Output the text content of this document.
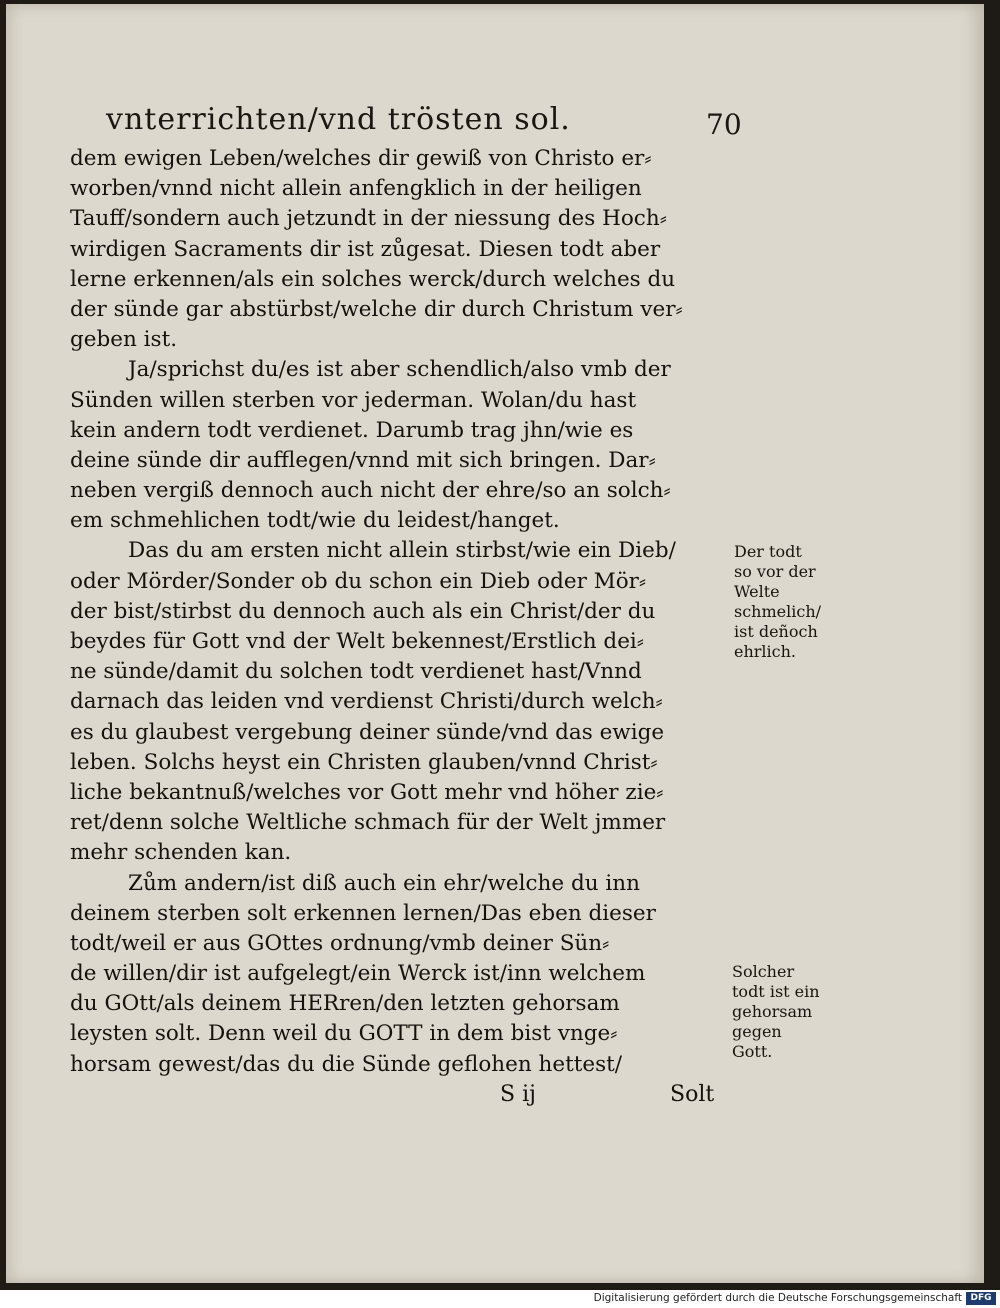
vnterrichten/vnd trösten sol.	70
dem ewigen Leben/welches dir gewiß von Christo er⸗
worben/vnnd nicht allein anfengklich in der heiligen
Tauff/sondern auch jetzundt in der niessung des Hoch⸗
wirdigen Sacraments dir ist zůgesat. Diesen todt aber
lerne erkennen/als ein solches werck/durch welches du
der sünde gar abstürbst/welche dir durch Christum ver⸗
geben ist.
Ja/sprichst du/es ist aber schendlich/also vmb der
Sünden willen sterben vor jederman. Wolan/du hast
kein andern todt verdienet. Darumb trag jhn/wie es
deine sünde dir aufflegen/vnnd mit sich bringen. Dar⸗
neben vergiß dennoch auch nicht der ehre/so an solch⸗
em schmehlichen todt/wie du leidest/hanget.
Das du am ersten nicht allein stirbst/wie ein Dieb/
oder Mörder/Sonder ob du schon ein Dieb oder Mör⸗
der bist/stirbst du dennoch auch als ein Christ/der du
beydes für Gott vnd der Welt bekennest/Erstlich dei⸗
ne sünde/damit du solchen todt verdienet hast/Vnnd
darnach das leiden vnd verdienst Christi/durch welch⸗
es du glaubest vergebung deiner sünde/vnd das ewige
leben. Solchs heyst ein Christen glauben/vnnd Christ⸗
liche bekantnuß/welches vor Gott mehr vnd höher zie⸗
ret/denn solche Weltliche schmach für der Welt jmmer
mehr schenden kan.
Zům andern/ist diß auch ein ehr/welche du inn
deinem sterben solt erkennen lernen/Das eben dieser
todt/weil er aus GOttes ordnung/vmb deiner Sün⸗
de willen/dir ist aufgelegt/ein Werck ist/inn welchem
du GOtt/als deinem HERren/den letzten gehorsam
leysten solt. Denn weil du GOTT in dem bist vnge⸗
horsam gewest/das du die Sünde geflohen hettest/
Der todt
so vor der
Welte
schmelich/
ist deñoch
ehrlich.
Solcher
todt ist ein
gehorsam
gegen
Gott.
S ij	Solt
Digitalisierung gefördert durch die Deutsche Forschungsgemeinschaft DFG
